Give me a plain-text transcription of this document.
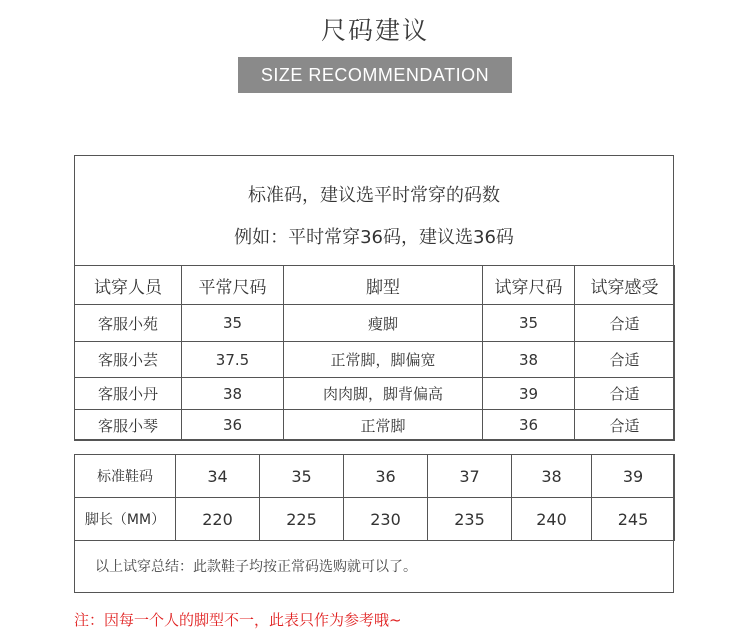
尺码建议
SIZE RECOMMENDATION
标准码，建议选平时常穿的码数
例如：平时常穿36码，建议选36码
试穿人员	平常尺码	脚型	试穿尺码	试穿感受
客服小苑	35	瘦脚	35	合适
客服小芸	37.5	正常脚，脚偏宽	38	合适
客服小丹	38	肉肉脚，脚背偏高	39	合适
客服小琴	36	正常脚	36	合适
标准鞋码	34	35	36	37	38	39
脚长（MM）	220	225	230	235	240	245
以上试穿总结：此款鞋子均按正常码选购就可以了。
注：因每一个人的脚型不一，此表只作为参考哦~
